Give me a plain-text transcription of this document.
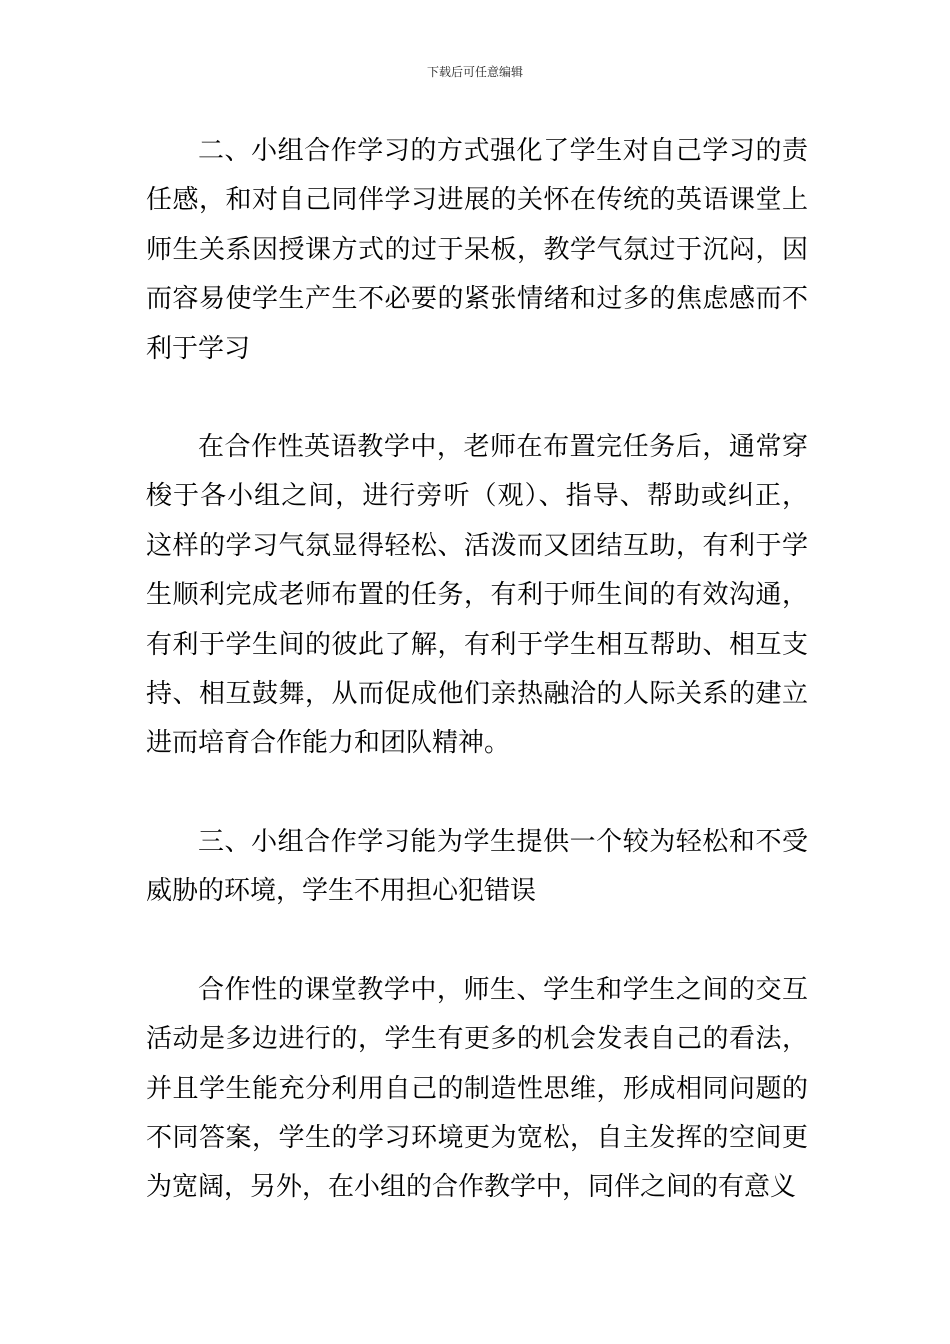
下载后可任意编辑

二、小组合作学习的方式强化了学生对自己学习的责任感，和对自己同伴学习进展的关怀在传统的英语课堂上师生关系因授课方式的过于呆板，教学气氛过于沉闷，因而容易使学生产生不必要的紧张情绪和过多的焦虑感而不利于学习

在合作性英语教学中，老师在布置完任务后，通常穿梭于各小组之间，进行旁听（观）、指导、帮助或纠正，这样的学习气氛显得轻松、活泼而又团结互助，有利于学生顺利完成老师布置的任务，有利于师生间的有效沟通，有利于学生间的彼此了解，有利于学生相互帮助、相互支持、相互鼓舞，从而促成他们亲热融洽的人际关系的建立进而培育合作能力和团队精神。

三、小组合作学习能为学生提供一个较为轻松和不受威胁的环境，学生不用担心犯错误

合作性的课堂教学中，师生、学生和学生之间的交互活动是多边进行的，学生有更多的机会发表自己的看法，并且学生能充分利用自己的制造性思维，形成相同问题的不同答案，学生的学习环境更为宽松，自主发挥的空间更为宽阔，另外，在小组的合作教学中，同伴之间的有意义
